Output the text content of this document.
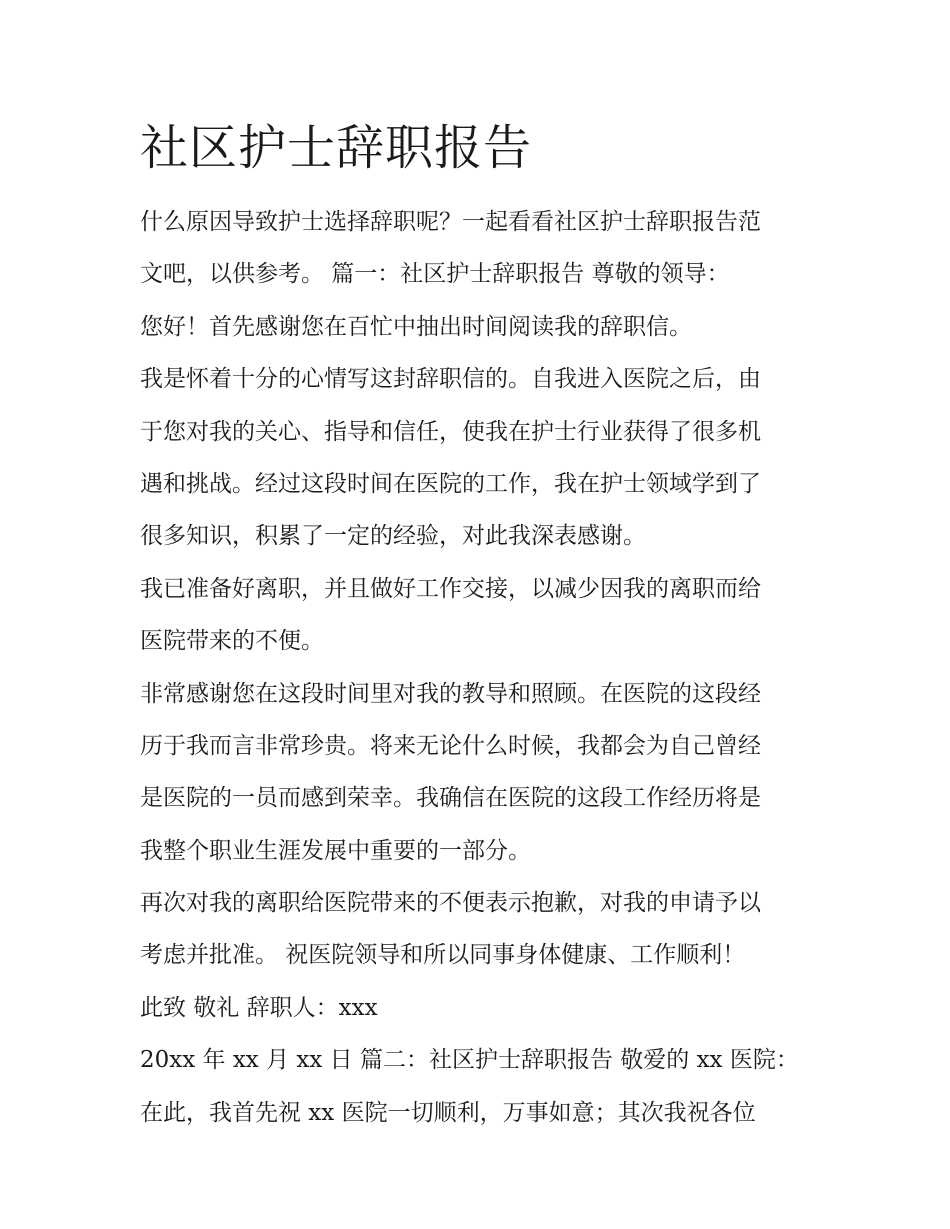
社区护士辞职报告
什么原因导致护士选择辞职呢？一起看看社区护士辞职报告范
文吧，以供参考。 篇一：社区护士辞职报告 尊敬的领导：
您好！首先感谢您在百忙中抽出时间阅读我的辞职信。
我是怀着十分的心情写这封辞职信的。自我进入医院之后，由
于您对我的关心、指导和信任，使我在护士行业获得了很多机
遇和挑战。经过这段时间在医院的工作，我在护士领域学到了
很多知识，积累了一定的经验，对此我深表感谢。
我已准备好离职，并且做好工作交接，以减少因我的离职而给
医院带来的不便。
非常感谢您在这段时间里对我的教导和照顾。在医院的这段经
历于我而言非常珍贵。将来无论什么时候，我都会为自己曾经
是医院的一员而感到荣幸。我确信在医院的这段工作经历将是
我整个职业生涯发展中重要的一部分。
再次对我的离职给医院带来的不便表示抱歉，对我的申请予以
考虑并批准。 祝医院领导和所以同事身体健康、工作顺利！
此致 敬礼 辞职人：xxx
20xx 年 xx 月 xx 日 篇二：社区护士辞职报告 敬爱的 xx 医院：
在此，我首先祝 xx 医院一切顺利，万事如意；其次我祝各位
